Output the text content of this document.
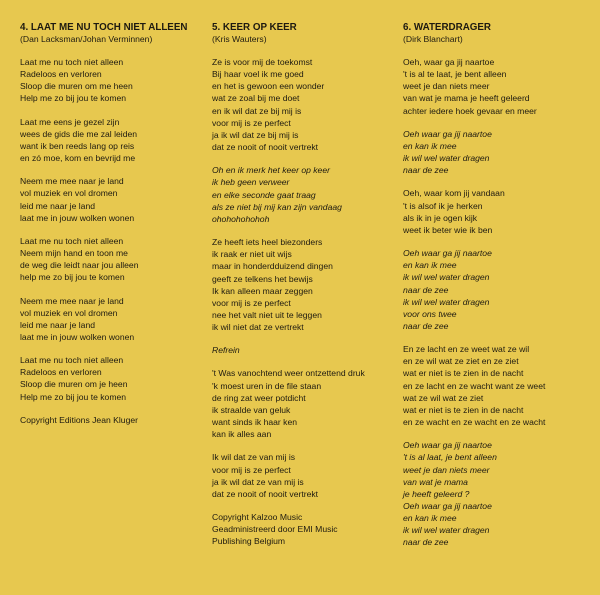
4. LAAT ME NU TOCH NIET ALLEEN
(Dan Lacksman/Johan Verminnen)
Laat me nu toch niet alleen
Radeloos en verloren
Sloop die muren om me heen
Help me zo bij jou te komen
Laat me eens je gezel zijn
wees de gids die me zal leiden
want ik ben reeds lang op reis
en zó moe, kom en bevrijd me
Neem me mee naar je land
vol muziek en vol dromen
leid me naar je land
laat me in jouw wolken wonen
Laat me nu toch niet alleen
Neem mijn hand en toon me
de weg die leidt naar jou alleen
help me zo bij jou te komen
Neem me mee naar je land
vol muziek en vol dromen
leid me naar je land
laat me in jouw wolken wonen
Laat me nu toch niet alleen
Radeloos en verloren
Sloop die muren om je heen
Help me zo bij jou te komen
Copyright Editions Jean Kluger
5. KEER OP KEER
(Kris Wauters)
Ze is voor mij de toekomst
Bij haar voel ik me goed
en het is gewoon een wonder
wat ze zoal bij me doet
en ik wil dat ze bij mij is
voor mij is ze perfect
ja ik wil dat ze bij mij is
dat ze nooit of nooit vertrekt
Oh en ik merk het keer op keer
ik heb geen verweer
en elke seconde gaat traag
als ze niet bij mij kan zijn vandaag
ohohohohohoh
Ze heeft iets heel biezonders
ik raak er niet uit wijs
maar in honderdduizend dingen
geeft ze telkens het bewijs
Ik kan alleen maar zeggen
voor mij is ze perfect
nee het valt niet uit te leggen
ik wil niet dat ze vertrekt
Refrein
't Was vanochtend weer ontzettend druk
'k moest uren in de file staan
de ring zat weer potdicht
ik straalde van geluk
want sinds ik haar ken
kan ik alles aan
Ik wil dat ze van mij is
voor mij is ze perfect
ja ik wil dat ze van mij is
dat ze nooit of nooit vertrekt
Copyright Kalzoo Music
Geadministreerd door EMI Music
Publishing Belgium
6. WATERDRAGER
(Dirk Blanchart)
Oeh, waar ga jij naartoe
't is al te laat, je bent alleen
weet je dan niets meer
van wat je mama je heeft geleerd
achter iedere hoek gevaar en meer
Oeh waar ga jij naartoe
en kan ik mee
ik wil wel water dragen
naar de zee
Oeh, waar kom jij vandaan
't is alsof ik je herken
als ik in je ogen kijk
weet ik beter wie ik ben
Oeh waar ga jij naartoe
en kan ik mee
ik wil wel water dragen
naar de zee
ik wil wel water dragen
voor ons twee
naar de zee
En ze lacht en ze weet wat ze wil
en ze wil wat ze ziet en ze ziet
wat er niet is te zien in de nacht
en ze lacht en ze wacht want ze weet
wat ze wil wat ze ziet
wat er niet is te zien in de nacht
en ze wacht en ze wacht en ze wacht
Oeh waar ga jij naartoe
't is al laat, je bent alleen
weet je dan niets meer
van wat je mama
je heeft geleerd ?
Oeh waar ga jij naartoe
en kan ik mee
ik wil wel water dragen
naar de zee
